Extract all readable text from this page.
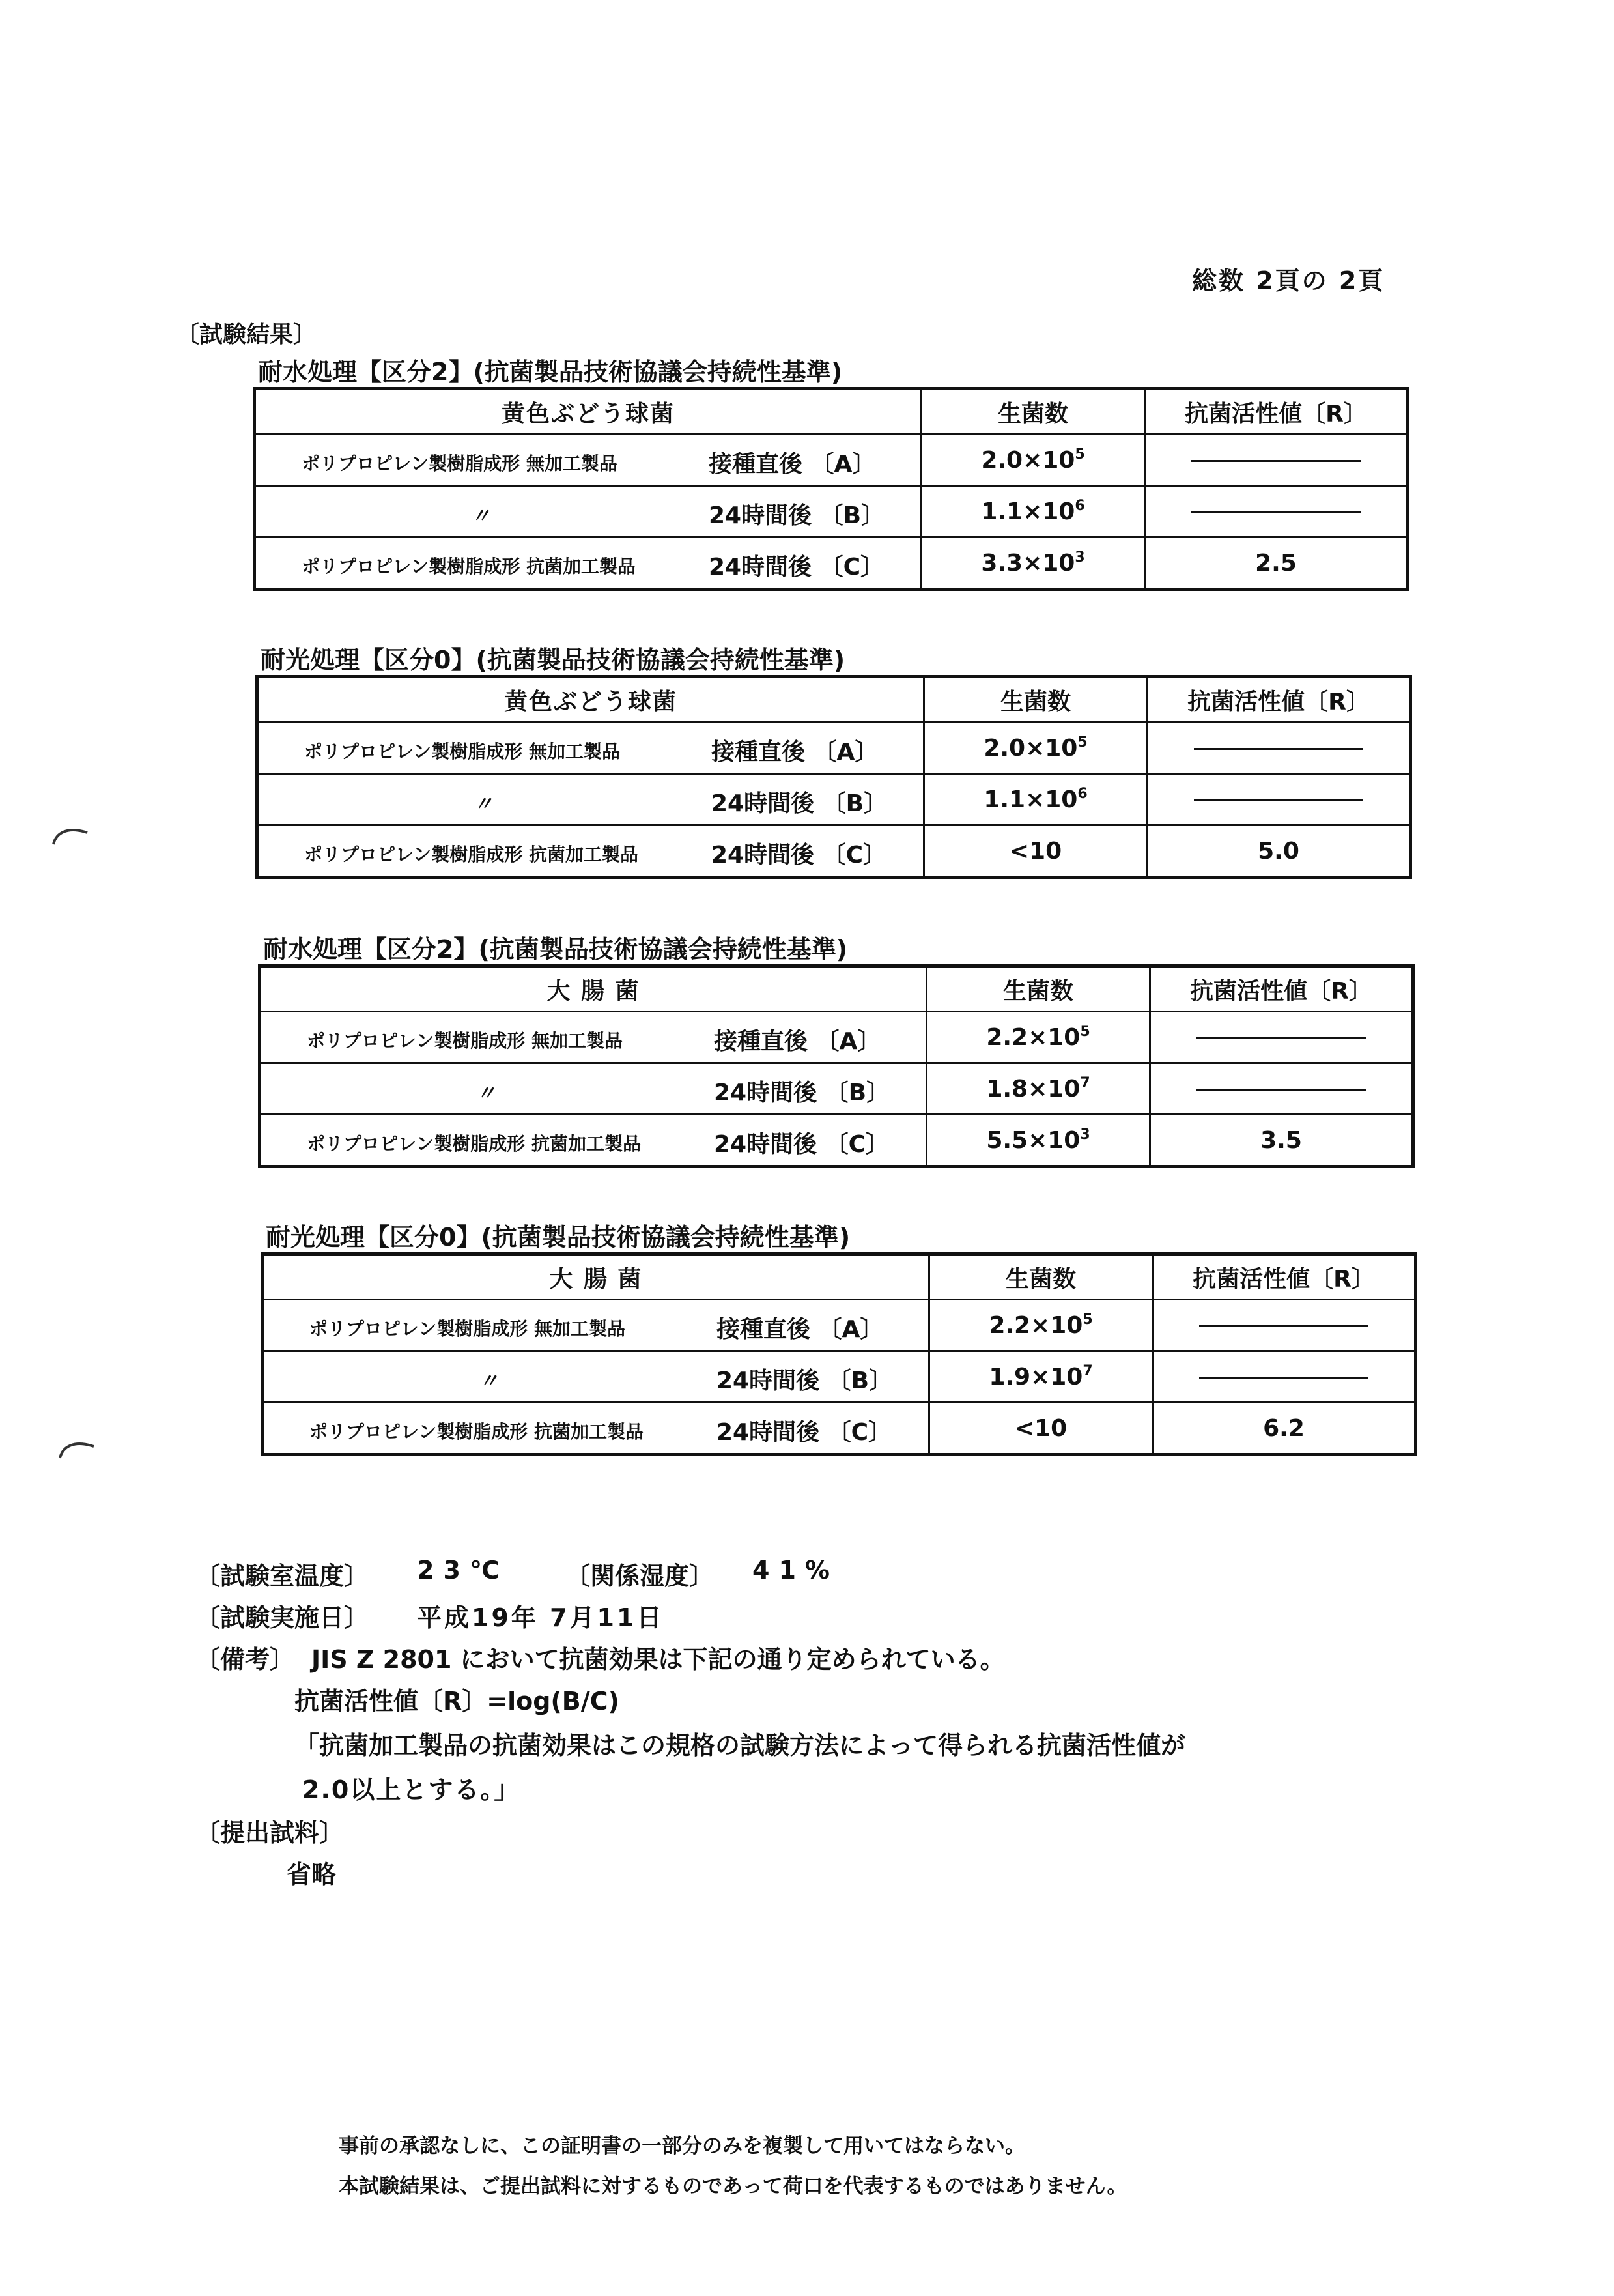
総数 2頁の 2頁
〔試験結果〕
耐水処理【区分2】(抗菌製品技術協議会持続性基準)
黄色ぶどう球菌	生菌数	抗菌活性値〔R〕

ポリプロピレン製樹脂成形 無加工製品 接種直後 〔A〕	$2.0\times 10^5$	

〃 24時間後 〔B〕	$1.1\times 10^6$	

ポリプロピレン製樹脂成形 抗菌加工製品 24時間後 〔C〕	$3.3\times 10^3$	2.5
耐光処理【区分0】(抗菌製品技術協議会持続性基準)
黄色ぶどう球菌	生菌数	抗菌活性値〔R〕

ポリプロピレン製樹脂成形 無加工製品 接種直後 〔A〕	$2.0\times 10^5$	

〃 24時間後 〔B〕	$1.1\times 10^6$	

ポリプロピレン製樹脂成形 抗菌加工製品 24時間後 〔C〕	<10	5.0
耐水処理【区分2】(抗菌製品技術協議会持続性基準)
大 腸 菌	生菌数	抗菌活性値〔R〕

ポリプロピレン製樹脂成形 無加工製品 接種直後 〔A〕	$2.2\times 10^5$	

〃 24時間後 〔B〕	$1.8\times 10^7$	

ポリプロピレン製樹脂成形 抗菌加工製品 24時間後 〔C〕	$5.5\times 10^3$	3.5
耐光処理【区分0】(抗菌製品技術協議会持続性基準)
大 腸 菌	生菌数	抗菌活性値〔R〕

ポリプロピレン製樹脂成形 無加工製品 接種直後 〔A〕	$2.2\times 10^5$	

〃 24時間後 〔B〕	$1.9\times 10^7$	

ポリプロピレン製樹脂成形 抗菌加工製品 24時間後 〔C〕	<10	6.2
〔試験室温度〕 23℃ 〔関係湿度〕 41%
〔試験実施日〕 平成19年 7月11日
〔備考〕 JIS Z 2801 において抗菌効果は下記の通り定められている。
抗菌活性値〔R〕=log(B/C)
「抗菌加工製品の抗菌効果はこの規格の試験方法によって得られる抗菌活性値が
2.0以上とする。」
〔提出試料〕
省略
事前の承認なしに、この証明書の一部分のみを複製して用いてはならない。
本試験結果は、ご提出試料に対するものであって荷口を代表するものではありません。
